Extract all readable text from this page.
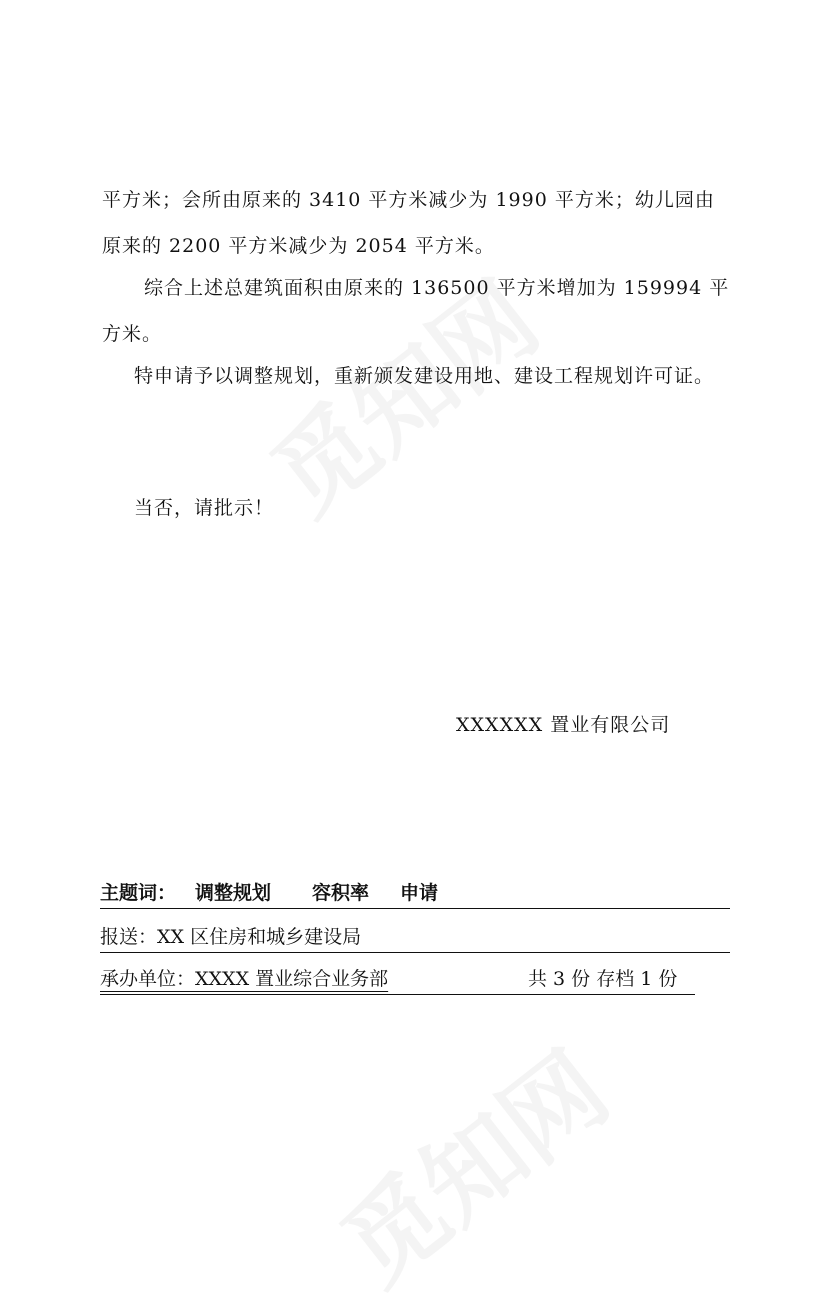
平方米；会所由原来的 3410 平方米减少为 1990 平方米；幼儿园由原来的 2200 平方米减少为 2054 平方米。

综合上述总建筑面积由原来的 136500 平方米增加为 159994 平方米。

特申请予以调整规划，重新颁发建设用地、建设工程规划许可证。

当否，请批示！
XXXXXX 置业有限公司
主题词： 调整规划 容积率 申请
报送：XX 区住房和城乡建设局
承办单位：XXXX 置业综合业务部	共 3 份 存档 1 份
